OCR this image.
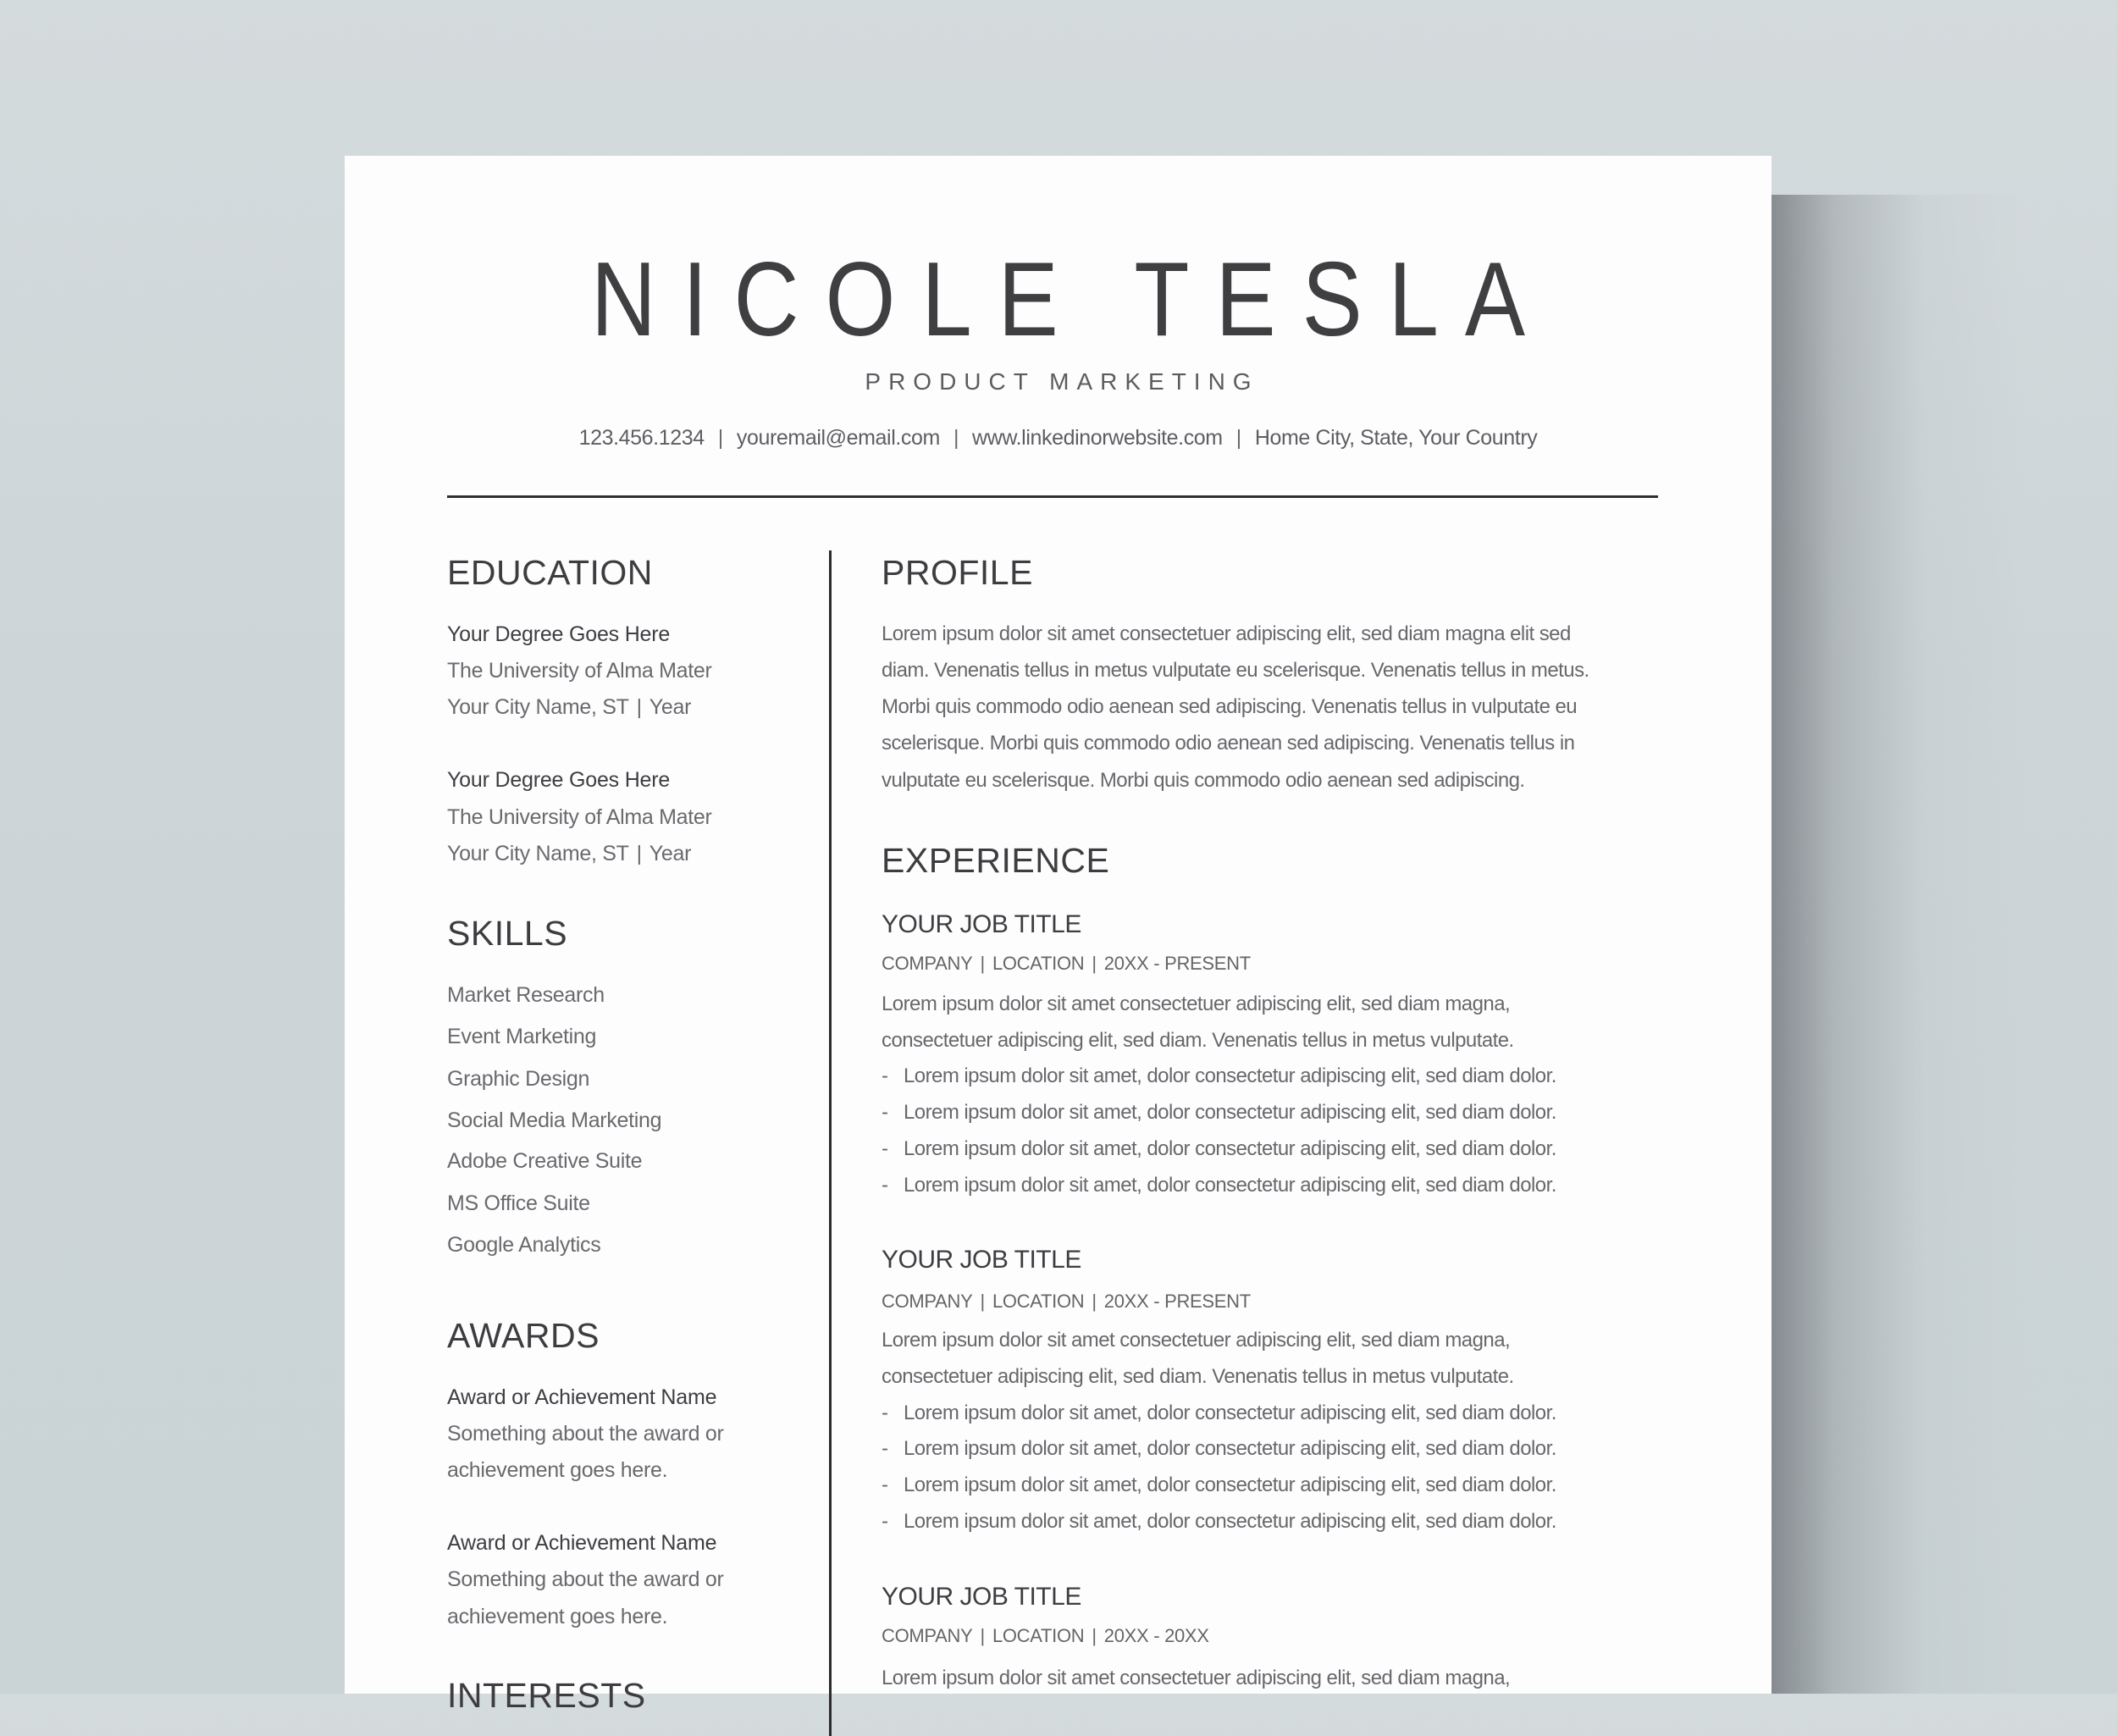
NICOLE TESLA
PRODUCT MARKETING
123.456.1234 | youremail@email.com | www.linkedinorwebsite.com | Home City, State, Your Country
EDUCATION
Your Degree Goes Here
The University of Alma Mater
Your City Name, ST | Year
Your Degree Goes Here
The University of Alma Mater
Your City Name, ST | Year
SKILLS
Market Research
Event Marketing
Graphic Design
Social Media Marketing
Adobe Creative Suite
MS Office Suite
Google Analytics
AWARDS
Award or Achievement Name
Something about the award or
achievement goes here.
Award or Achievement Name
Something about the award or
achievement goes here.
INTERESTS
PROFILE
Lorem ipsum dolor sit amet consectetuer adipiscing elit, sed diam magna elit sed
diam. Venenatis tellus in metus vulputate eu scelerisque. Venenatis tellus in metus.
Morbi quis commodo odio aenean sed adipiscing. Venenatis tellus in vulputate eu
scelerisque. Morbi quis commodo odio aenean sed adipiscing. Venenatis tellus in
vulputate eu scelerisque. Morbi quis commodo odio aenean sed adipiscing.
EXPERIENCE
YOUR JOB TITLE
COMPANY | LOCATION | 20XX - PRESENT
Lorem ipsum dolor sit amet consectetuer adipiscing elit, sed diam magna,
consectetuer adipiscing elit, sed diam. Venenatis tellus in metus vulputate.
- Lorem ipsum dolor sit amet, dolor consectetur adipiscing elit, sed diam dolor.
- Lorem ipsum dolor sit amet, dolor consectetur adipiscing elit, sed diam dolor.
- Lorem ipsum dolor sit amet, dolor consectetur adipiscing elit, sed diam dolor.
- Lorem ipsum dolor sit amet, dolor consectetur adipiscing elit, sed diam dolor.
YOUR JOB TITLE
COMPANY | LOCATION | 20XX - PRESENT
Lorem ipsum dolor sit amet consectetuer adipiscing elit, sed diam magna,
consectetuer adipiscing elit, sed diam. Venenatis tellus in metus vulputate.
- Lorem ipsum dolor sit amet, dolor consectetur adipiscing elit, sed diam dolor.
- Lorem ipsum dolor sit amet, dolor consectetur adipiscing elit, sed diam dolor.
- Lorem ipsum dolor sit amet, dolor consectetur adipiscing elit, sed diam dolor.
- Lorem ipsum dolor sit amet, dolor consectetur adipiscing elit, sed diam dolor.
YOUR JOB TITLE
COMPANY | LOCATION | 20XX - 20XX
Lorem ipsum dolor sit amet consectetuer adipiscing elit, sed diam magna,
